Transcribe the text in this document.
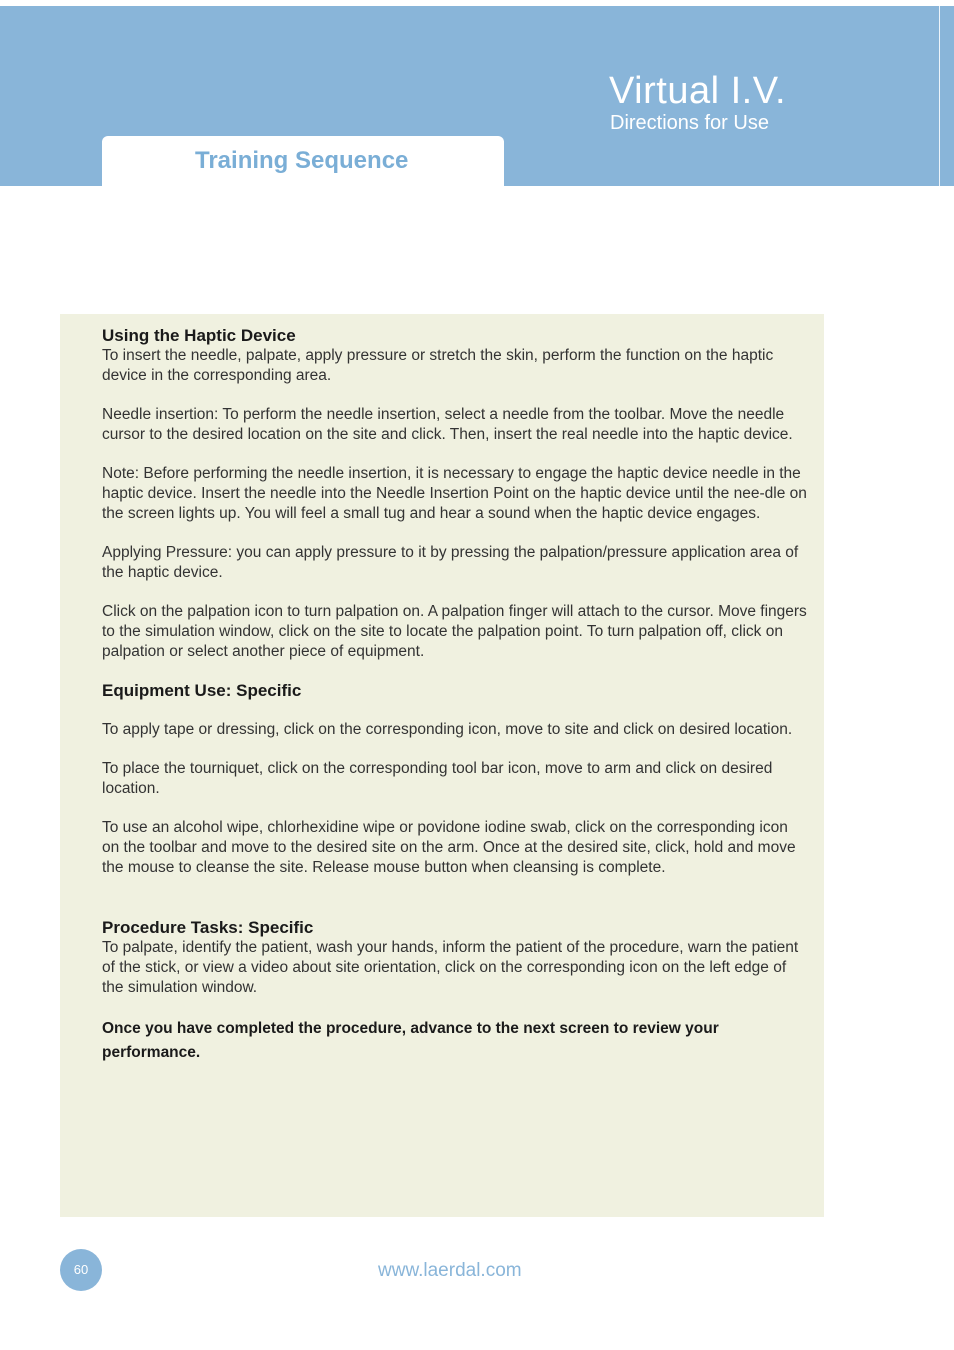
Virtual I.V.
Directions for Use
Training Sequence
Using the Haptic Device

To insert the needle, palpate, apply pressure or stretch the skin, perform the function on the haptic device in the corresponding area.

Needle insertion: To perform the needle insertion, select a needle from the toolbar. Move the needle cursor to the desired location on the site and click. Then, insert the real needle into the haptic device.

Note: Before performing the needle insertion, it is necessary to engage the haptic device needle in the haptic device. Insert the needle into the Needle Insertion Point on the haptic device until the nee-dle on the screen lights up. You will feel a small tug and hear a sound when the haptic device engages.

Applying Pressure: you can apply pressure to it by pressing the palpation/pressure application area of the haptic device.

Click on the palpation icon to turn palpation on. A palpation finger will attach to the cursor. Move fingers to the simulation window, click on the site to locate the palpation point. To turn palpation off, click on palpation or select another piece of equipment.

Equipment Use: Specific

To apply tape or dressing, click on the corresponding icon, move to site and click on desired location.

To place the tourniquet, click on the corresponding tool bar icon, move to arm and click on desired location.

To use an alcohol wipe, chlorhexidine wipe or povidone iodine swab, click on the corresponding icon on the toolbar and move to the desired site on the arm. Once at the desired site, click, hold and move the mouse to cleanse the site. Release mouse button when cleansing is complete.

Procedure Tasks: Specific

To palpate, identify the patient, wash your hands, inform the patient of the procedure, warn the patient of the stick, or view a video about site orientation, click on the corresponding icon on the left edge of the simulation window.

Once you have completed the procedure, advance to the next screen to review your performance.
60	www.laerdal.com
